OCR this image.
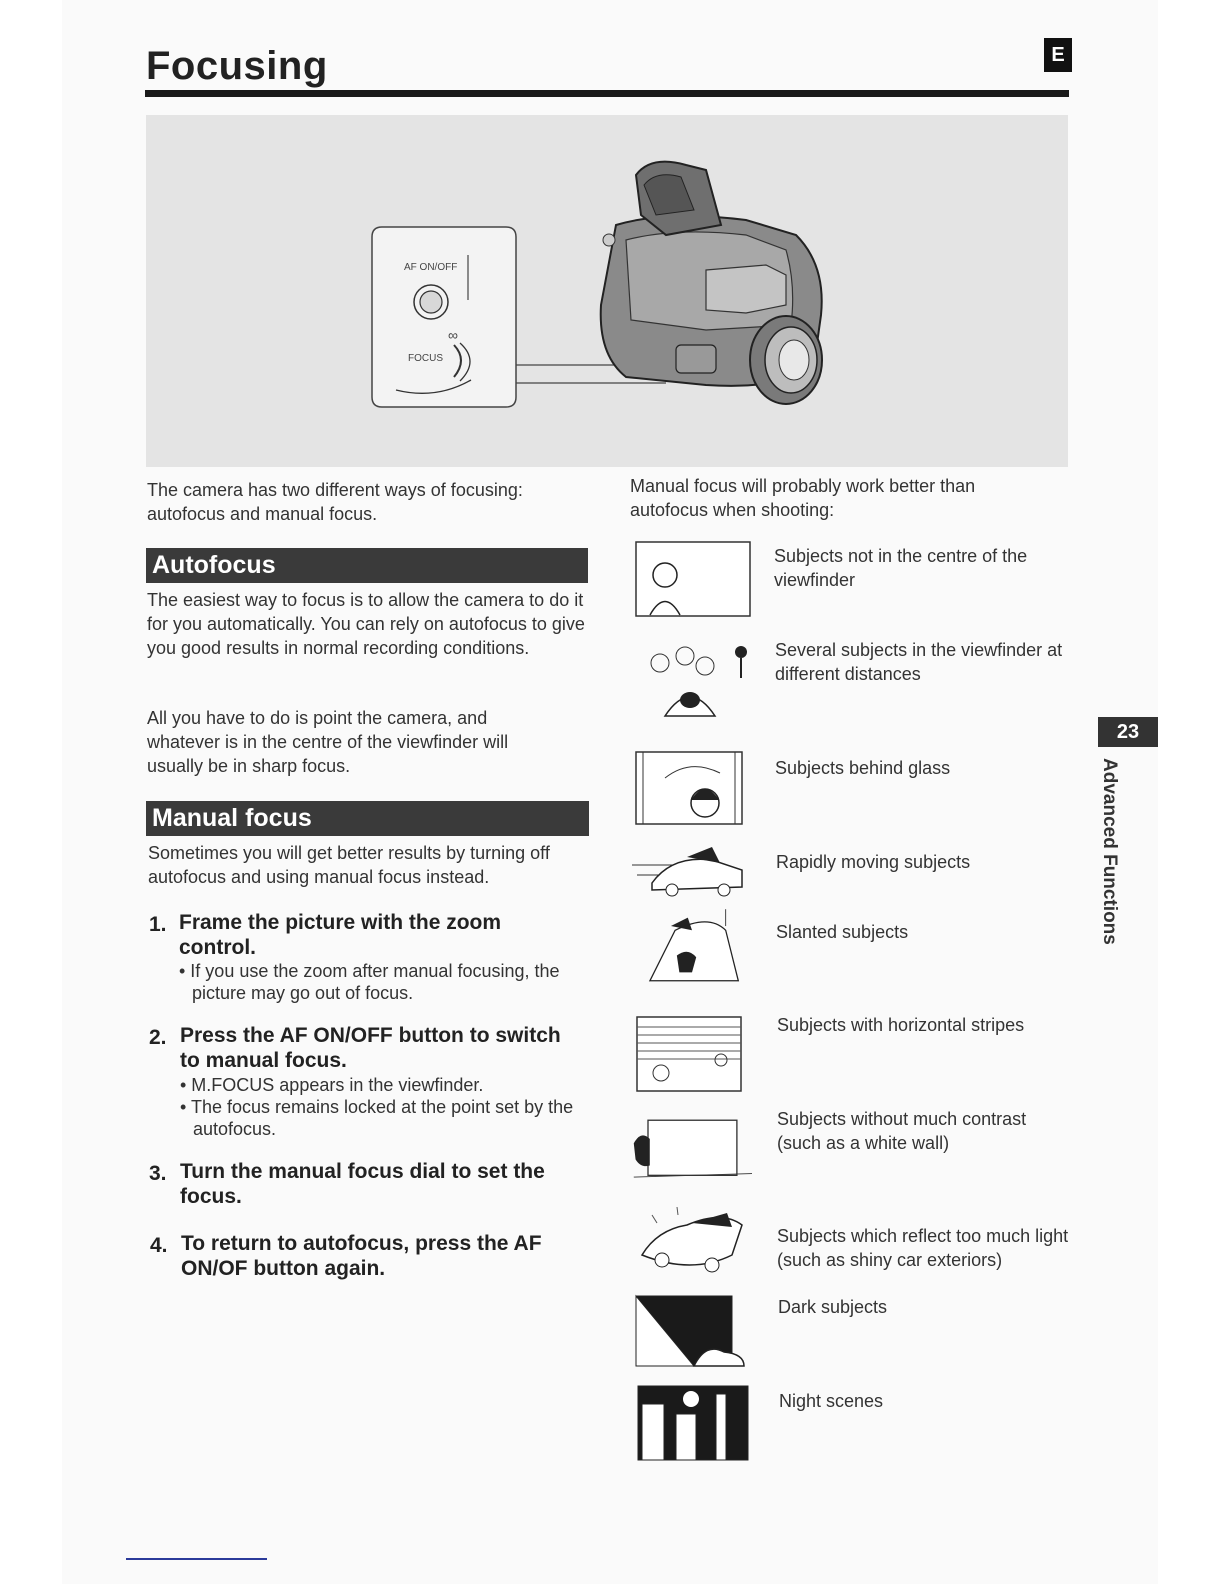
Focusing	E
AF ON/OFF
FOCUS
∞
The camera has two different ways of focusing: autofocus and manual focus.
Autofocus
The easiest way to focus is to allow the camera to do it for you automatically. You can rely on autofocus to give you good results in normal recording conditions.
All you have to do is point the camera, and whatever is in the centre of the viewfinder will usually be in sharp focus.
Manual focus
Sometimes you will get better results by turning off autofocus and using manual focus instead.
1. Frame the picture with the zoom control.
• If you use the zoom after manual focusing, the picture may go out of focus.
2. Press the AF ON/OFF button to switch to manual focus.
• M.FOCUS appears in the viewfinder.
• The focus remains locked at the point set by the autofocus.
3. Turn the manual focus dial to set the focus.
4. To return to autofocus, press the AF ON/OF button again.
Manual focus will probably work better than autofocus when shooting:
Subjects not in the centre of the viewfinder
Several subjects in the viewfinder at different distances
Subjects behind glass
Rapidly moving subjects
Slanted subjects
Subjects with horizontal stripes
Subjects without much contrast (such as a white wall)
Subjects which reflect too much light (such as shiny car exteriors)
Dark subjects
Night scenes
23
Advanced Functions
